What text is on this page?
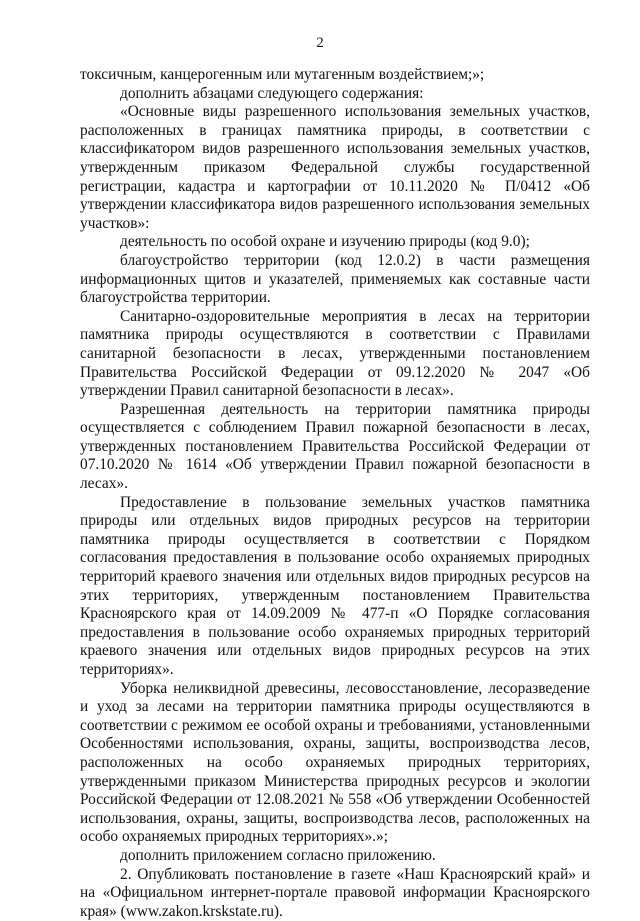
2

токсичным, канцерогенным или мутагенным воздействием;»;

дополнить абзацами следующего содержания:

«Основные виды разрешенного использования земельных участков, расположенных в границах памятника природы, в соответствии с классификатором видов разрешенного использования земельных участков, утвержденным приказом Федеральной службы государственной регистрации, кадастра и картографии от 10.11.2020 № П/0412 «Об утверждении классификатора видов разрешенного использования земельных участков»:

деятельность по особой охране и изучению природы (код 9.0);

благоустройство территории (код 12.0.2) в части размещения информационных щитов и указателей, применяемых как составные части благоустройства территории.

Санитарно-оздоровительные мероприятия в лесах на территории памятника природы осуществляются в соответствии с Правилами санитарной безопасности в лесах, утвержденными постановлением Правительства Российской Федерации от 09.12.2020 № 2047 «Об утверждении Правил санитарной безопасности в лесах».

Разрешенная деятельность на территории памятника природы осуществляется с соблюдением Правил пожарной безопасности в лесах, утвержденных постановлением Правительства Российской Федерации от 07.10.2020 № 1614 «Об утверждении Правил пожарной безопасности в лесах».

Предоставление в пользование земельных участков памятника природы или отдельных видов природных ресурсов на территории памятника природы осуществляется в соответствии с Порядком согласования предоставления в пользование особо охраняемых природных территорий краевого значения или отдельных видов природных ресурсов на этих территориях, утвержденным постановлением Правительства Красноярского края от 14.09.2009 № 477-п «О Порядке согласования предоставления в пользование особо охраняемых природных территорий краевого значения или отдельных видов природных ресурсов на этих территориях».

Уборка неликвидной древесины, лесовосстановление, лесоразведение и уход за лесами на территории памятника природы осуществляются в соответствии с режимом ее особой охраны и требованиями, установленными Особенностями использования, охраны, защиты, воспроизводства лесов, расположенных на особо охраняемых природных территориях, утвержденными приказом Министерства природных ресурсов и экологии Российской Федерации от 12.08.2021 № 558 «Об утверждении Особенностей использования, охраны, защиты, воспроизводства лесов, расположенных на особо охраняемых природных территориях».»;

дополнить приложением согласно приложению.

2. Опубликовать постановление в газете «Наш Красноярский край» и на «Официальном интернет-портале правовой информации Красноярского края» (www.zakon.krskstate.ru).
